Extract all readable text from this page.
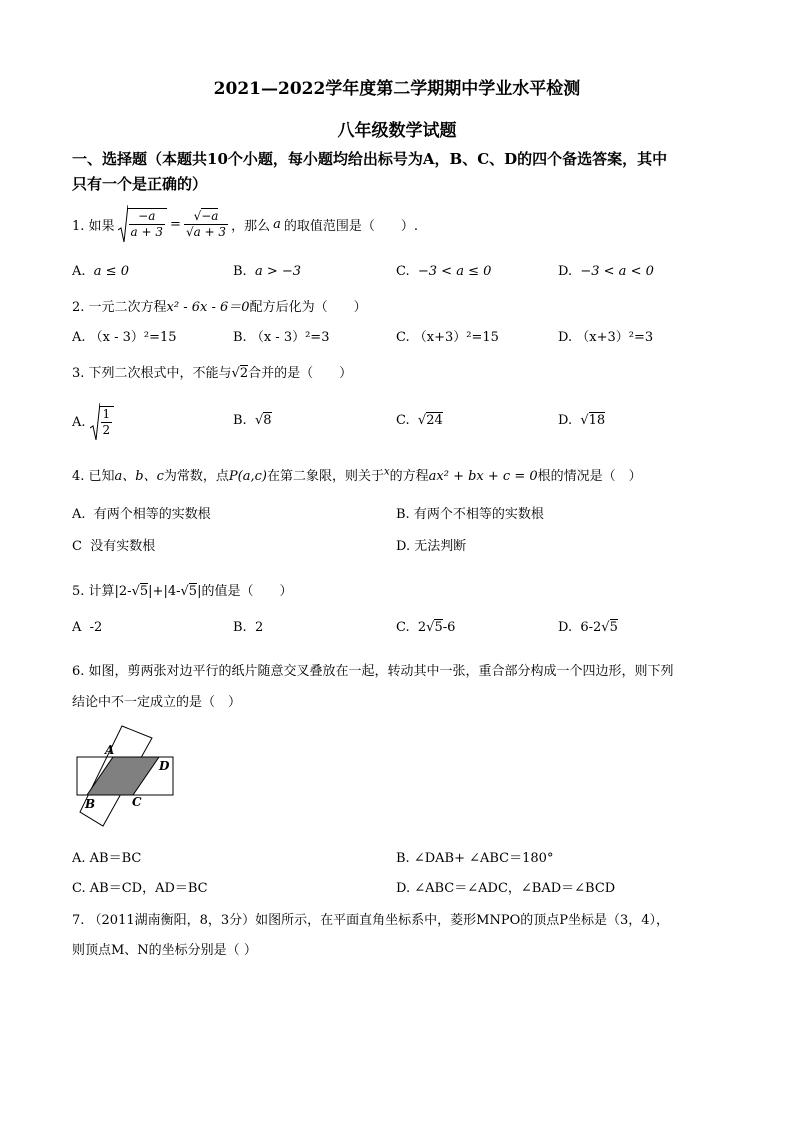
2021—2022学年度第二学期期中学业水平检测
八年级数学试题
一、选择题（本题共10个小题，每小题均给出标号为A，B、C、D的四个备选答案，其中
只有一个是正确的）
1. 如果 $\frac{-a}{a + 3} = \frac{√-a}{√a + 3}$ ，那么 a 的取值范围是（　　）.
A. a ≤ 0	B. a > −3	C. −3 < a ≤ 0	D. −3 < a < 0
2. 一元二次方程x² - 6x - 6＝0配方后化为（　　）
A. （x - 3）²=15	B. （x - 3）²=3	C. （x+3）²=15	D. （x+3）²=3
3. 下列二次根式中，不能与√2合并的是（　　）
A. $\frac{1}{2}$	B.  √8	C.  √24	D.  √18
4. 已知a、b、c为常数，点P(a,c)在第二象限，则关于$^x$的方程ax² + bx + c = 0根的情况是（　）
A. 有两个相等的实数根	B. 有两个不相等的实数根
C 没有实数根	D. 无法判断
5. 计算|2-√5|+|4-√5|的值是（　　）
A -2	B. 2	C. 2√5-6	D. 6-2√5
6. 如图，剪两张对边平行的纸片随意交叉叠放在一起，转动其中一张，重合部分构成一个四边形，则下列
结论中不一定成立的是（　）
A
D
B	C
A. AB＝BC	B. ∠DAB+ ∠ABC＝180°
C. AB＝CD，AD＝BC	D. ∠ABC＝∠ADC，∠BAD＝∠BCD
7. （2011湖南衡阳，8，3分）如图所示，在平面直角坐标系中，菱形MNPO的顶点P坐标是（3，4），
则顶点M、N的坐标分别是（ ）
